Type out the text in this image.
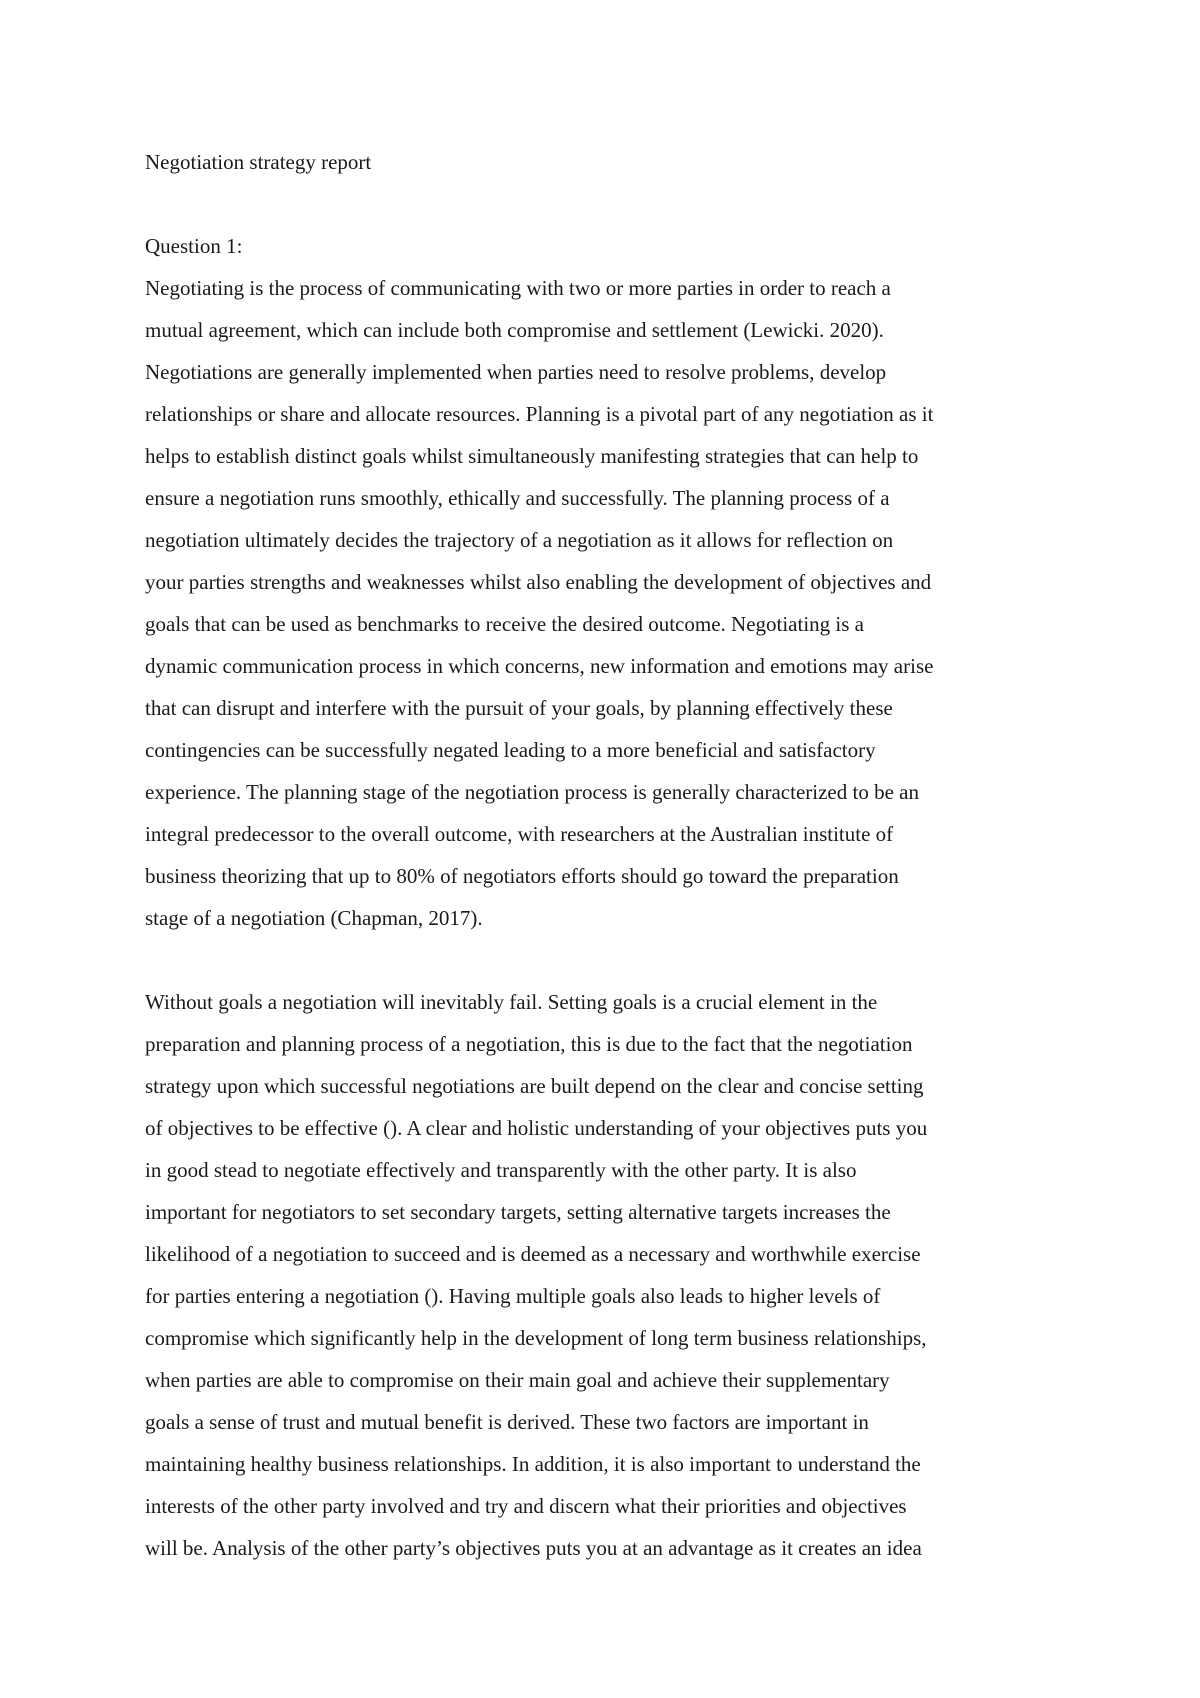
Negotiation strategy report
Question 1:
Negotiating is the process of communicating with two or more parties in order to reach a
mutual agreement, which can include both compromise and settlement (Lewicki. 2020).
Negotiations are generally implemented when parties need to resolve problems, develop
relationships or share and allocate resources. Planning is a pivotal part of any negotiation as it
helps to establish distinct goals whilst simultaneously manifesting strategies that can help to
ensure a negotiation runs smoothly, ethically and successfully. The planning process of a
negotiation ultimately decides the trajectory of a negotiation as it allows for reflection on
your parties strengths and weaknesses whilst also enabling the development of objectives and
goals that can be used as benchmarks to receive the desired outcome. Negotiating is a
dynamic communication process in which concerns, new information and emotions may arise
that can disrupt and interfere with the pursuit of your goals, by planning effectively these
contingencies can be successfully negated leading to a more beneficial and satisfactory
experience. The planning stage of the negotiation process is generally characterized to be an
integral predecessor to the overall outcome, with researchers at the Australian institute of
business theorizing that up to 80% of negotiators efforts should go toward the preparation
stage of a negotiation (Chapman, 2017).
Without goals a negotiation will inevitably fail. Setting goals is a crucial element in the
preparation and planning process of a negotiation, this is due to the fact that the negotiation
strategy upon which successful negotiations are built depend on the clear and concise setting
of objectives to be effective (). A clear and holistic understanding of your objectives puts you
in good stead to negotiate effectively and transparently with the other party. It is also
important for negotiators to set secondary targets, setting alternative targets increases the
likelihood of a negotiation to succeed and is deemed as a necessary and worthwhile exercise
for parties entering a negotiation (). Having multiple goals also leads to higher levels of
compromise which significantly help in the development of long term business relationships,
when parties are able to compromise on their main goal and achieve their supplementary
goals a sense of trust and mutual benefit is derived. These two factors are important in
maintaining healthy business relationships. In addition, it is also important to understand the
interests of the other party involved and try and discern what their priorities and objectives
will be. Analysis of the other party’s objectives puts you at an advantage as it creates an idea
